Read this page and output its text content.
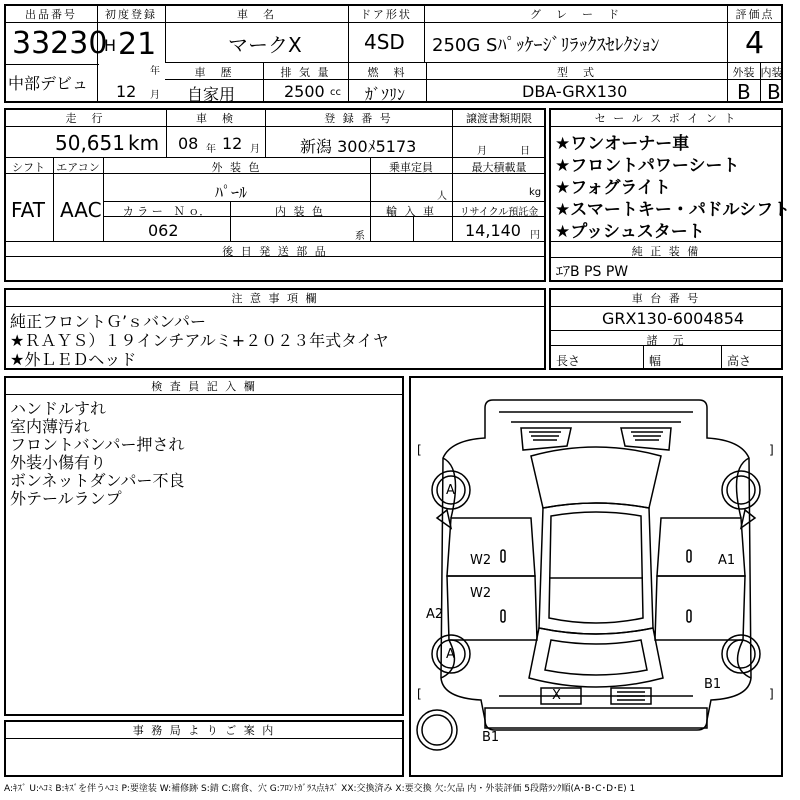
出品番号
33230
中部デビュ
初度登録
H 21
年
12 月
車　名
マークX
ドア形状
4SD
グ　レ　ー　ド
250G Sﾊﾟｯｹｰｼﾞﾘﾗｯｸｽｾﾚｸｼｮﾝ
評価点
4
車　歴
自家用
排 気 量
2500 cc
燃　料
ｶﾞｿﾘﾝ
型　式
DBA-GRX130
外装
B
内装
B
走　行
50,651 km
車　検
08 年 12 月
登 録 番 号
新潟 300ﾒ5173
譲渡書類期限
月	日
シフト
FAT
エアコン
AAC
外 装 色
ﾊﾟｰﾙ
乗車定員
人
最大積載量
kg
カ ラ ー　Ｎ ｏ．
062
内 装 色
系
輸 入 車	リサイクル預託金
14,140 円
後 日 発 送 部 品
セ ー ル ス ポ イ ン ト
★ワンオーナー車
★フロントパワーシート
★フォグライト
★スマートキー・パドルシフト
★プッシュスタート
純 正 装 備
ｴｱB PS PW
注 意 事 項 欄
純正フロントＧ’ｓバンパー
★ＲＡＹＳ）１９インチアルミ+２０２３年式タイヤ
★外ＬＥＤヘッド
車 台 番 号
GRX130-6004854
諸　元
長さ	幅	高さ
検 査 員 記 入 欄
ハンドルすれ
室内薄汚れ
フロントバンパー押され
外装小傷有り
ボンネットダンパー不良
外テールランプ
事 務 局 よ り ご 案 内
[	]
[	]
A
A
W2
W2
A1
A2
B1
B1
X
A:ｷｽﾞ U:ﾍｺﾐ B:ｷｽﾞを伴うﾍｺﾐ P:要塗装 W:補修跡 S:錆 C:腐食、穴 G:ﾌﾛﾝﾄｶﾞﾗｽ点ｷｽﾞ XX:交換済み X:要交換 欠:欠品 内・外装評価 5段階ﾗﾝｸ順(A･B･C･D･E) 1
